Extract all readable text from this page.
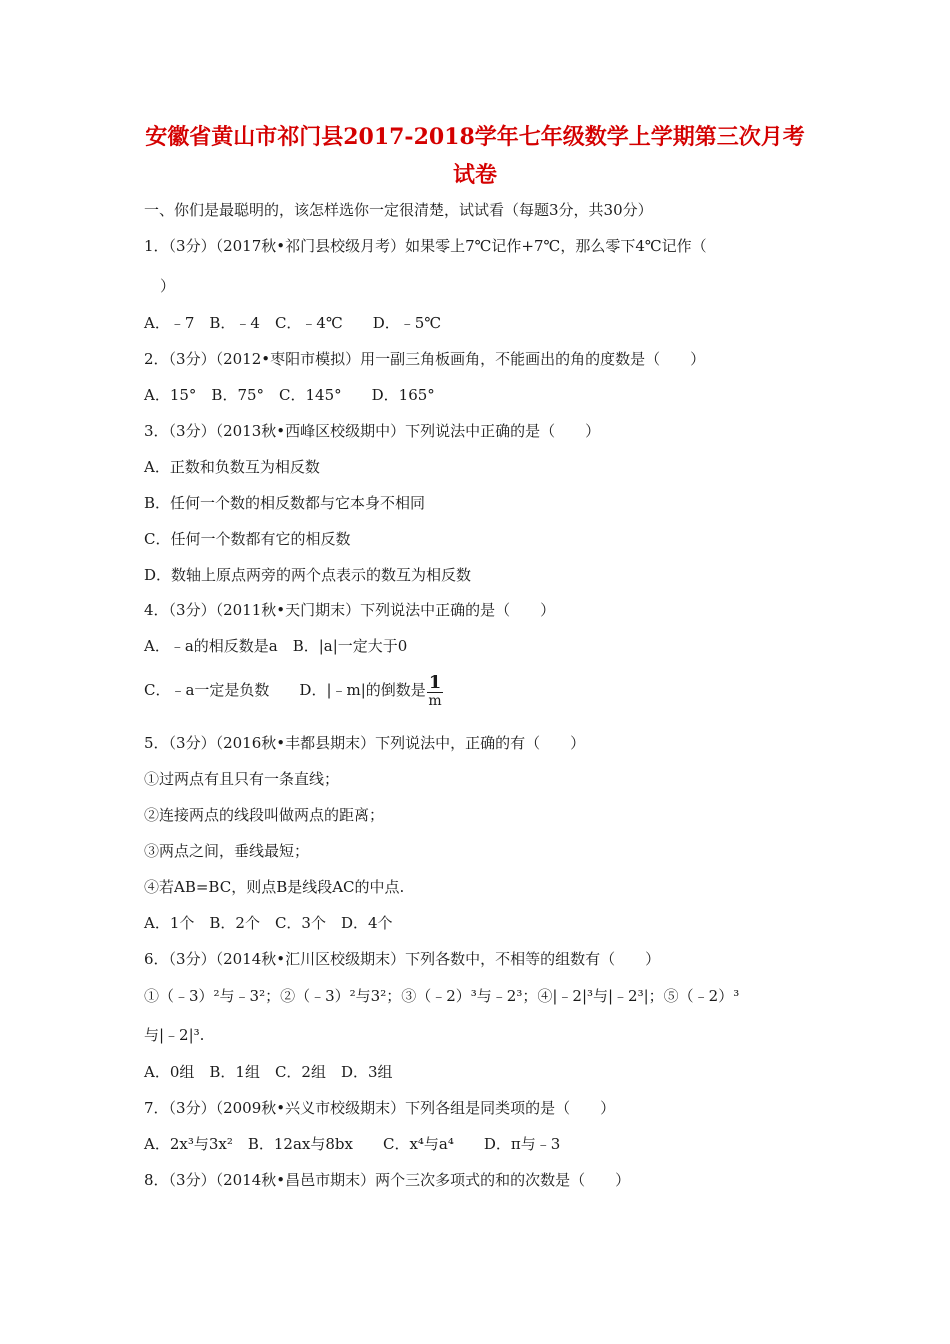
安徽省黄山市祁门县2017-2018学年七年级数学上学期第三次月考
试卷
一、你们是最聪明的，该怎样选你一定很清楚，试试看（每题3分，共30分）
1．（3分）（2017秋•祁门县校级月考）如果零上7℃记作+7℃，那么零下4℃记作（
）
A．﹣7　B．﹣4　C．﹣4℃　　D．﹣5℃
2．（3分）（2012•枣阳市模拟）用一副三角板画角，不能画出的角的度数是（　　）
A．15°　B．75°　C．145°　　D．165°
3．（3分）（2013秋•西峰区校级期中）下列说法中正确的是（　　）
A．正数和负数互为相反数
B．任何一个数的相反数都与它本身不相同
C．任何一个数都有它的相反数
D．数轴上原点两旁的两个点表示的数互为相反数
4．（3分）（2011秋•天门期末）下列说法中正确的是（　　）
A．﹣a的相反数是a　B．|a|一定大于0
C．﹣a一定是负数　　D．|﹣m|的倒数是 $\frac{1}{m}$
5．（3分）（2016秋•丰都县期末）下列说法中，正确的有（　　）
①过两点有且只有一条直线；
②连接两点的线段叫做两点的距离；
③两点之间，垂线最短；
④若AB=BC，则点B是线段AC的中点.
A．1个　B．2个　C．3个　D．4个
6．（3分）（2014秋•汇川区校级期末）下列各数中，不相等的组数有（　　）
①（﹣3）²与﹣3²；②（﹣3）²与3²；③（﹣2）³与﹣2³；④|﹣2|³与|﹣2³|；⑤（﹣2）³
与|﹣2|³.
A．0组　B．1组　C．2组　D．3组
7．（3分）（2009秋•兴义市校级期末）下列各组是同类项的是（　　）
A．2x³与3x²　B．12ax与8bx　　C．x⁴与a⁴　　D．π与﹣3
8．（3分）（2014秋•昌邑市期末）两个三次多项式的和的次数是（　　）
